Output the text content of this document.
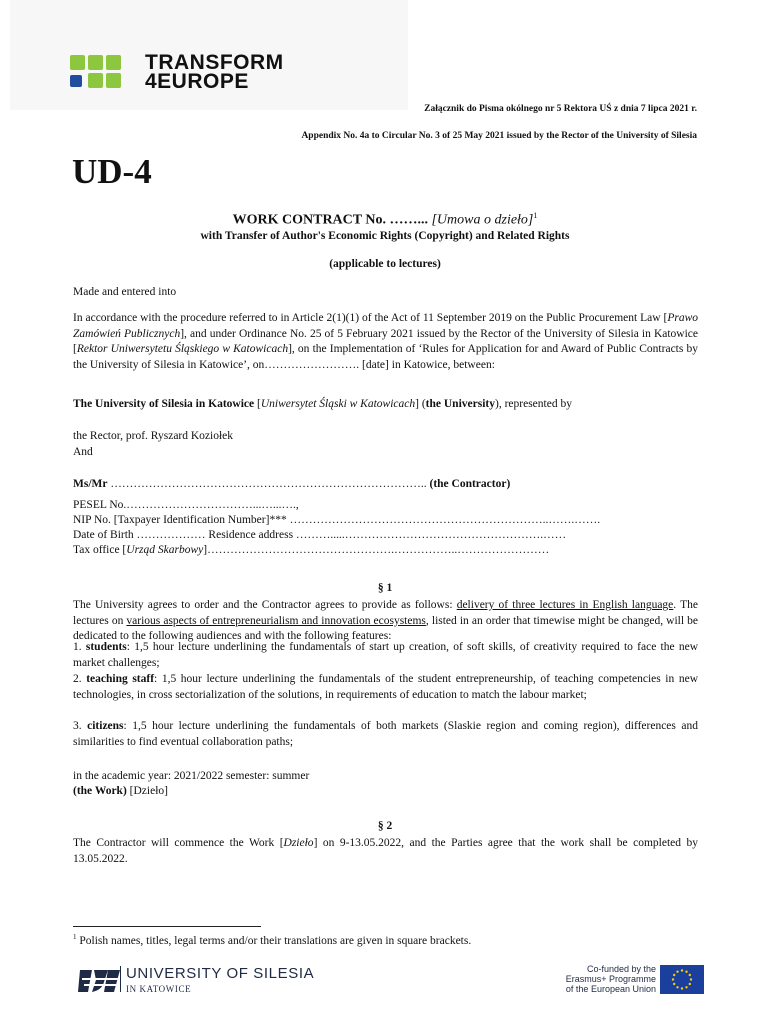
TRANSFORM
4EUROPE
Załącznik do Pisma okólnego nr 5 Rektora UŚ z dnia 7 lipca 2021 r.
Appendix No. 4a to Circular No. 3 of 25 May 2021 issued by the Rector of the University of Silesia
UD-4
WORK CONTRACT No. ……... [Umowa o dzieło]$^1$
with Transfer of Author's Economic Rights (Copyright) and Related Rights
(applicable to lectures)
Made and entered into
In accordance with the procedure referred to in Article 2(1)(1) of the Act of 11 September 2019 on the Public Procurement Law [Prawo Zamówień Publicznych], and under Ordinance No. 25 of 5 February 2021 issued by the Rector of the University of Silesia in Katowice [Rektor Uniwersytetu Śląskiego w Katowicach], on the Implementation of ‘Rules for Application for and Award of Public Contracts by the University of Silesia in Katowice’, on……………………. [date] in Katowice, between:
The University of Silesia in Katowice [Uniwersytet Śląski w Katowicach] (the University), represented by
the Rector, prof. Ryszard Koziołek
And
Ms/Mr ……………………………………………………………………….. (the Contractor)
PESEL No.……………………………...…...….,
NIP No. [Taxpayer Identification Number]*** …………………………………………………………..…….…….
Date of Birth ……………… Residence address ……….....…………………………………………….……
Tax office [Urząd Skarbowy]………………………………………….……………..……………………
§ 1
The University agrees to order and the Contractor agrees to provide as follows: delivery of three lectures in English language. The lectures on various aspects of entrepreneurialism and innovation ecosystems, listed in an order that timewise might be changed, will be dedicated to the following audiences and with the following features:
1. students: 1,5 hour lecture underlining the fundamentals of start up creation, of soft skills, of creativity required to face the new market challenges;
2. teaching staff: 1,5 hour lecture underlining the fundamentals of the student entrepreneurship, of teaching competencies in new technologies, in cross sectorialization of the solutions, in requirements of education to match the labour market;
3. citizens: 1,5 hour lecture underlining the fundamentals of both markets (Slaskie region and coming region), differences and similarities to find eventual collaboration paths;
in the academic year: 2021/2022 semester: summer
(the Work) [Dzieło]
§ 2
The Contractor will commence the Work [Dzieło] on 9-13.05.2022, and the Parties agree that the work shall be completed by 13.05.2022.
$^1$ Polish names, titles, legal terms and/or their translations are given in square brackets.
UNIVERSITY OF SILESIA
IN KATOWICE
Co-funded by the
Erasmus+ Programme
of the European Union
